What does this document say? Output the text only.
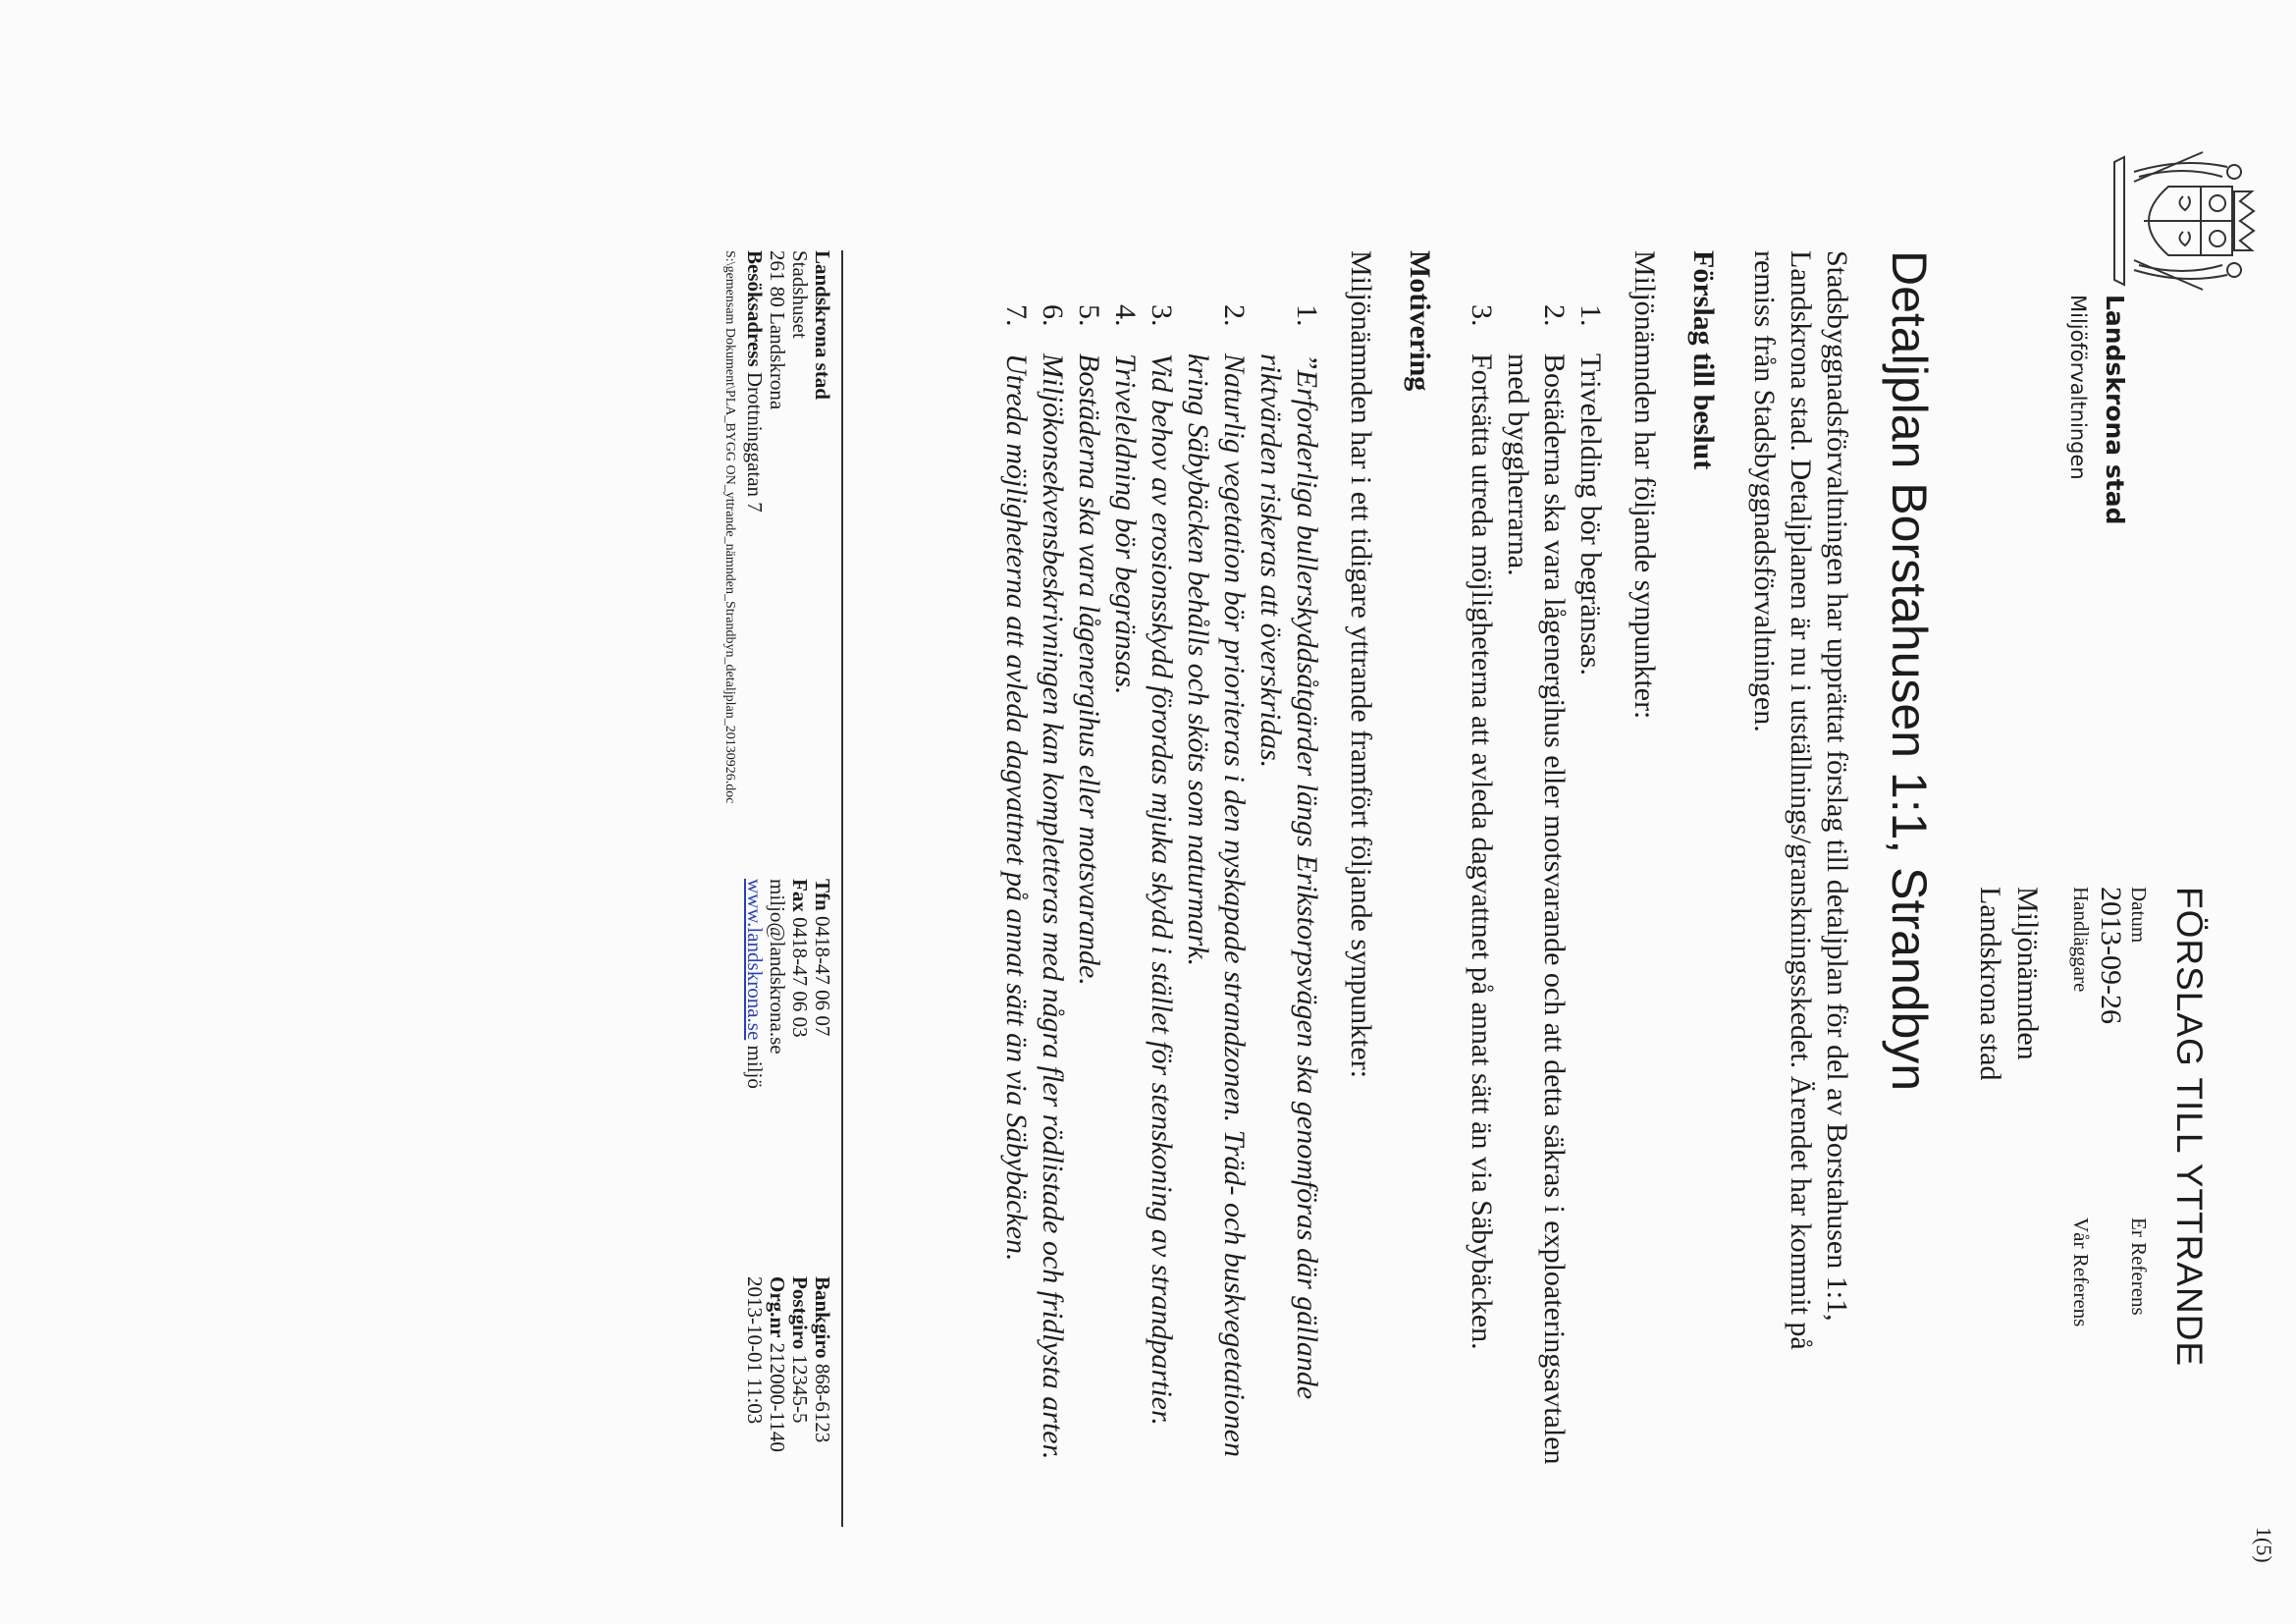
Landskrona stad
Miljöförvaltningen
1(5)
FÖRSLAG TILL YTTRANDE
Datum
2013-09-26
Handläggare
Er Referens
Vår Referens
Miljönämnden
Landskrona stad
Detaljplan Borstahusen 1:1, Strandbyn

Stadsbyggnadsförvaltningen har upprättat förslag till detaljplan för del av Borstahusen 1:1, Landskrona stad. Detaljplanen är nu i utställnings/granskningsskedet. Ärendet har kommit på remiss från Stadsbyggnadsförvaltningen.

Förslag till beslut

Miljönämnden har följande synpunkter:

1.
Trivelelding bör begränsas.
2.
Bostäderna ska vara lågenergihus eller motsvarande och att detta säkras i exploateringsavtalen med byggherrarna.
3.
Fortsätta utreda möjligheterna att avleda dagvattnet på annat sätt än via Säbybäcken.
Motivering

Miljönämnden har i ett tidigare yttrande framfört följande synpunkter:

1.
”Erforderliga bullerskyddsåtgärder längs Erikstorpsvägen ska genomföras där gällande riktvärden riskeras att överskridas.
2.
Naturlig vegetation bör prioriteras i den nyskapade strandzonen. Träd- och buskvegetationen kring Säbybäcken behålls och sköts som naturmark.
3.
Vid behov av erosionsskydd förordas mjuka skydd i stället för stenskoning av strandpartier.
4.
Triveleldning bör begränsas.
5.
Bostäderna ska vara lågenergihus eller motsvarande.
6.
Miljökonsekvensbeskrivningen kan kompletteras med några fler rödlistade och fridlysta arter.
7.
Utreda möjligheterna att avleda dagvattnet på annat sätt än via Säbybäcken.
Landskrona stad
Stadshuset
261 80 Landskrona
Besöksadress Drottninggatan 7
Tfn 0418-47 06 07
Fax 0418-47 06 03
miljo@landskrona.se
www.landskrona.se miljö
Bankgiro 868-6123
Postgiro 12345-5
Org.nr 212000-1140
2013-10-01 11:03
S:\gemensam Dokument\PLA_BYGG ON_yttrande_nämnden_Strandbyn_detaljplan_20130926.doc
